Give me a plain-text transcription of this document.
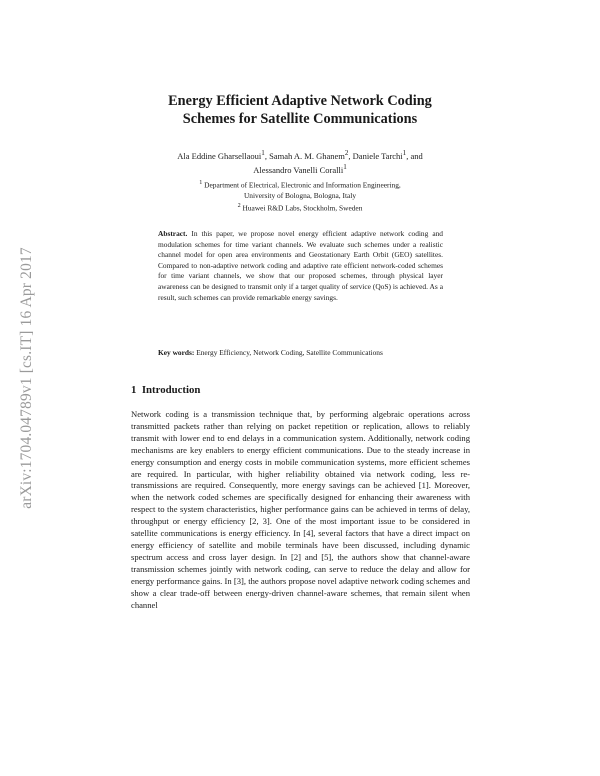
arXiv:1704.04789v1 [cs.IT] 16 Apr 2017
Energy Efficient Adaptive Network Coding
Schemes for Satellite Communications
Ala Eddine Gharsellaoui$^1$, Samah A. M. Ghanem$^2$, Daniele Tarchi$^1$, and
Alessandro Vanelli Coralli$^1$
$^1$ Department of Electrical, Electronic and Information Engineering,
University of Bologna, Bologna, Italy
$^2$ Huawei R&D Labs, Stockholm, Sweden
Abstract. In this paper, we propose novel energy efficient adaptive network coding and modulation schemes for time variant channels. We evaluate such schemes under a realistic channel model for open area environments and Geostationary Earth Orbit (GEO) satellites. Compared to non-adaptive network coding and adaptive rate efficient network-coded schemes for time variant channels, we show that our proposed schemes, through physical layer awareness can be designed to transmit only if a target quality of service (QoS) is achieved. As a result, such schemes can provide remarkable energy savings.
Key words: Energy Efficiency, Network Coding, Satellite Communications
1 Introduction
Network coding is a transmission technique that, by performing algebraic operations across transmitted packets rather than relying on packet repetition or replication, allows to reliably transmit with lower end to end delays in a communication system. Additionally, network coding mechanisms are key enablers to energy efficient communications. Due to the steady increase in energy consumption and energy costs in mobile communication systems, more efficient schemes are required. In particular, with higher reliability obtained via network coding, less re-transmissions are required. Consequently, more energy savings can be achieved [1]. Moreover, when the network coded schemes are specifically designed for enhancing their awareness with respect to the system characteristics, higher performance gains can be achieved in terms of delay, throughput or energy efficiency [2, 3]. One of the most important issue to be considered in satellite communications is energy efficiency. In [4], several factors that have a direct impact on energy efficiency of satellite and mobile terminals have been discussed, including dynamic spectrum access and cross layer design. In [2] and [5], the authors show that channel-aware transmission schemes jointly with network coding, can serve to reduce the delay and allow for energy performance gains. In [3], the authors propose novel adaptive network coding schemes and show a clear trade-off between energy-driven channel-aware schemes, that remain silent when channel
